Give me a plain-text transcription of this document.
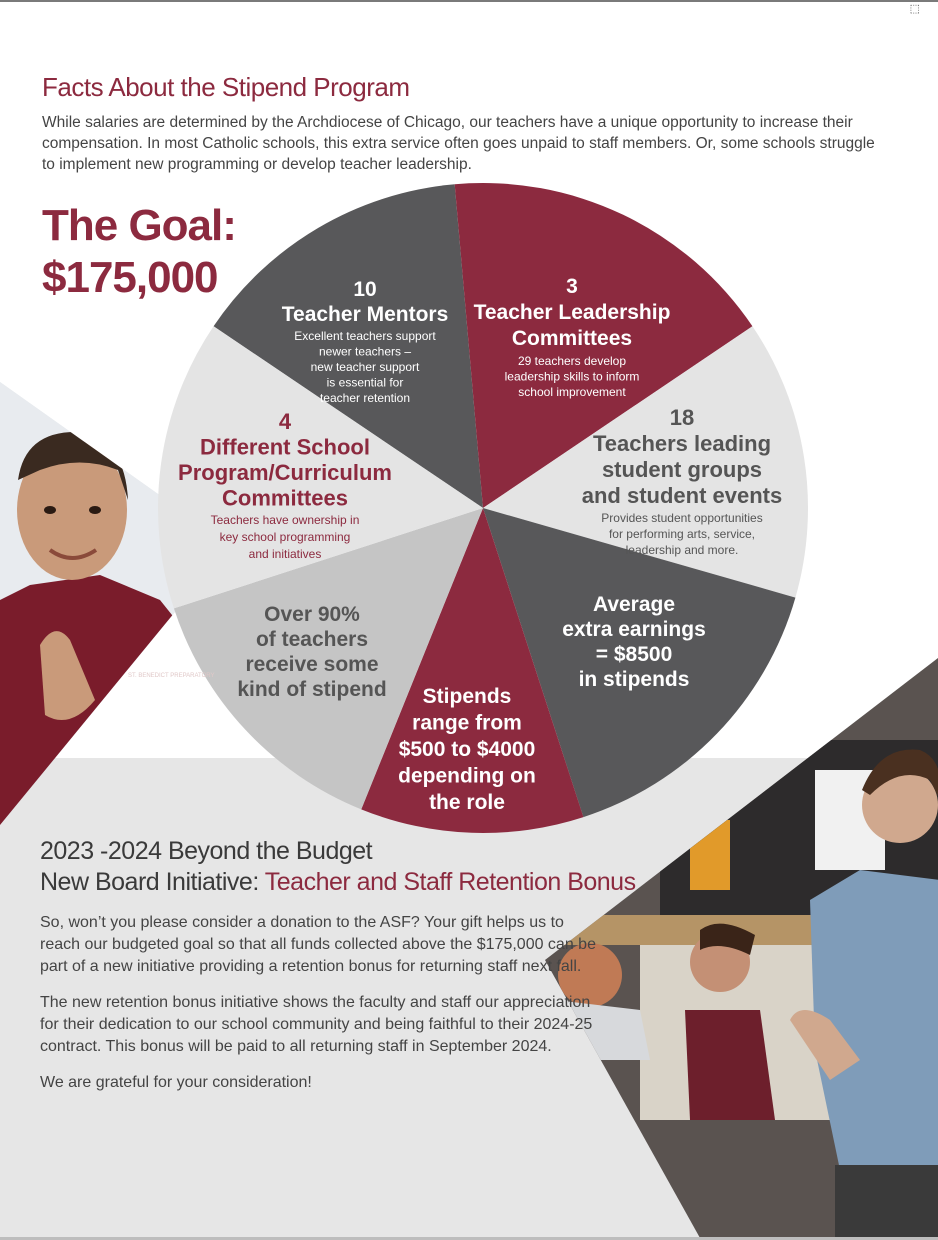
⬚
10
Teacher Mentors
Excellent teachers support
newer teachers –
new teacher support
is essential for
teacher retention
3
Teacher Leadership
Committees
29 teachers develop
leadership skills to inform
school improvement
18
Teachers leading
student groups
and student events
Provides student opportunities
for performing arts, service,
leadership and more.
Average
extra earnings
= $8500
in stipends
Stipends
range from
$500 to $4000
depending on
the role
Over 90%
of teachers
receive some
kind of stipend
4
Different School
Program/Curriculum
Committees
Teachers have ownership in
key school programming
and initiatives
Facts About the Stipend Program

While salaries are determined by the Archdiocese of Chicago, our teachers have a unique opportunity to increase their compensation. In most Catholic schools, this extra service often goes unpaid to staff members. Or, some schools struggle to implement new programming or develop teacher leadership.

The Goal:
$175,000
2023 -2024 Beyond the Budget
New Board Initiative: Teacher and Staff Retention Bonus

So, won’t you please consider a donation to the ASF? Your gift helps us to reach our budgeted goal so that all funds collected above the $175,000 can be part of a new initiative providing a retention bonus for returning staff next fall.

The new retention bonus initiative shows the faculty and staff our appreciation for their dedication to our school community and being faithful to their 2024-25 contract. This bonus will be paid to all returning staff in September 2024.

We are grateful for your consideration!

ST. BENEDICT PREPARATORY
